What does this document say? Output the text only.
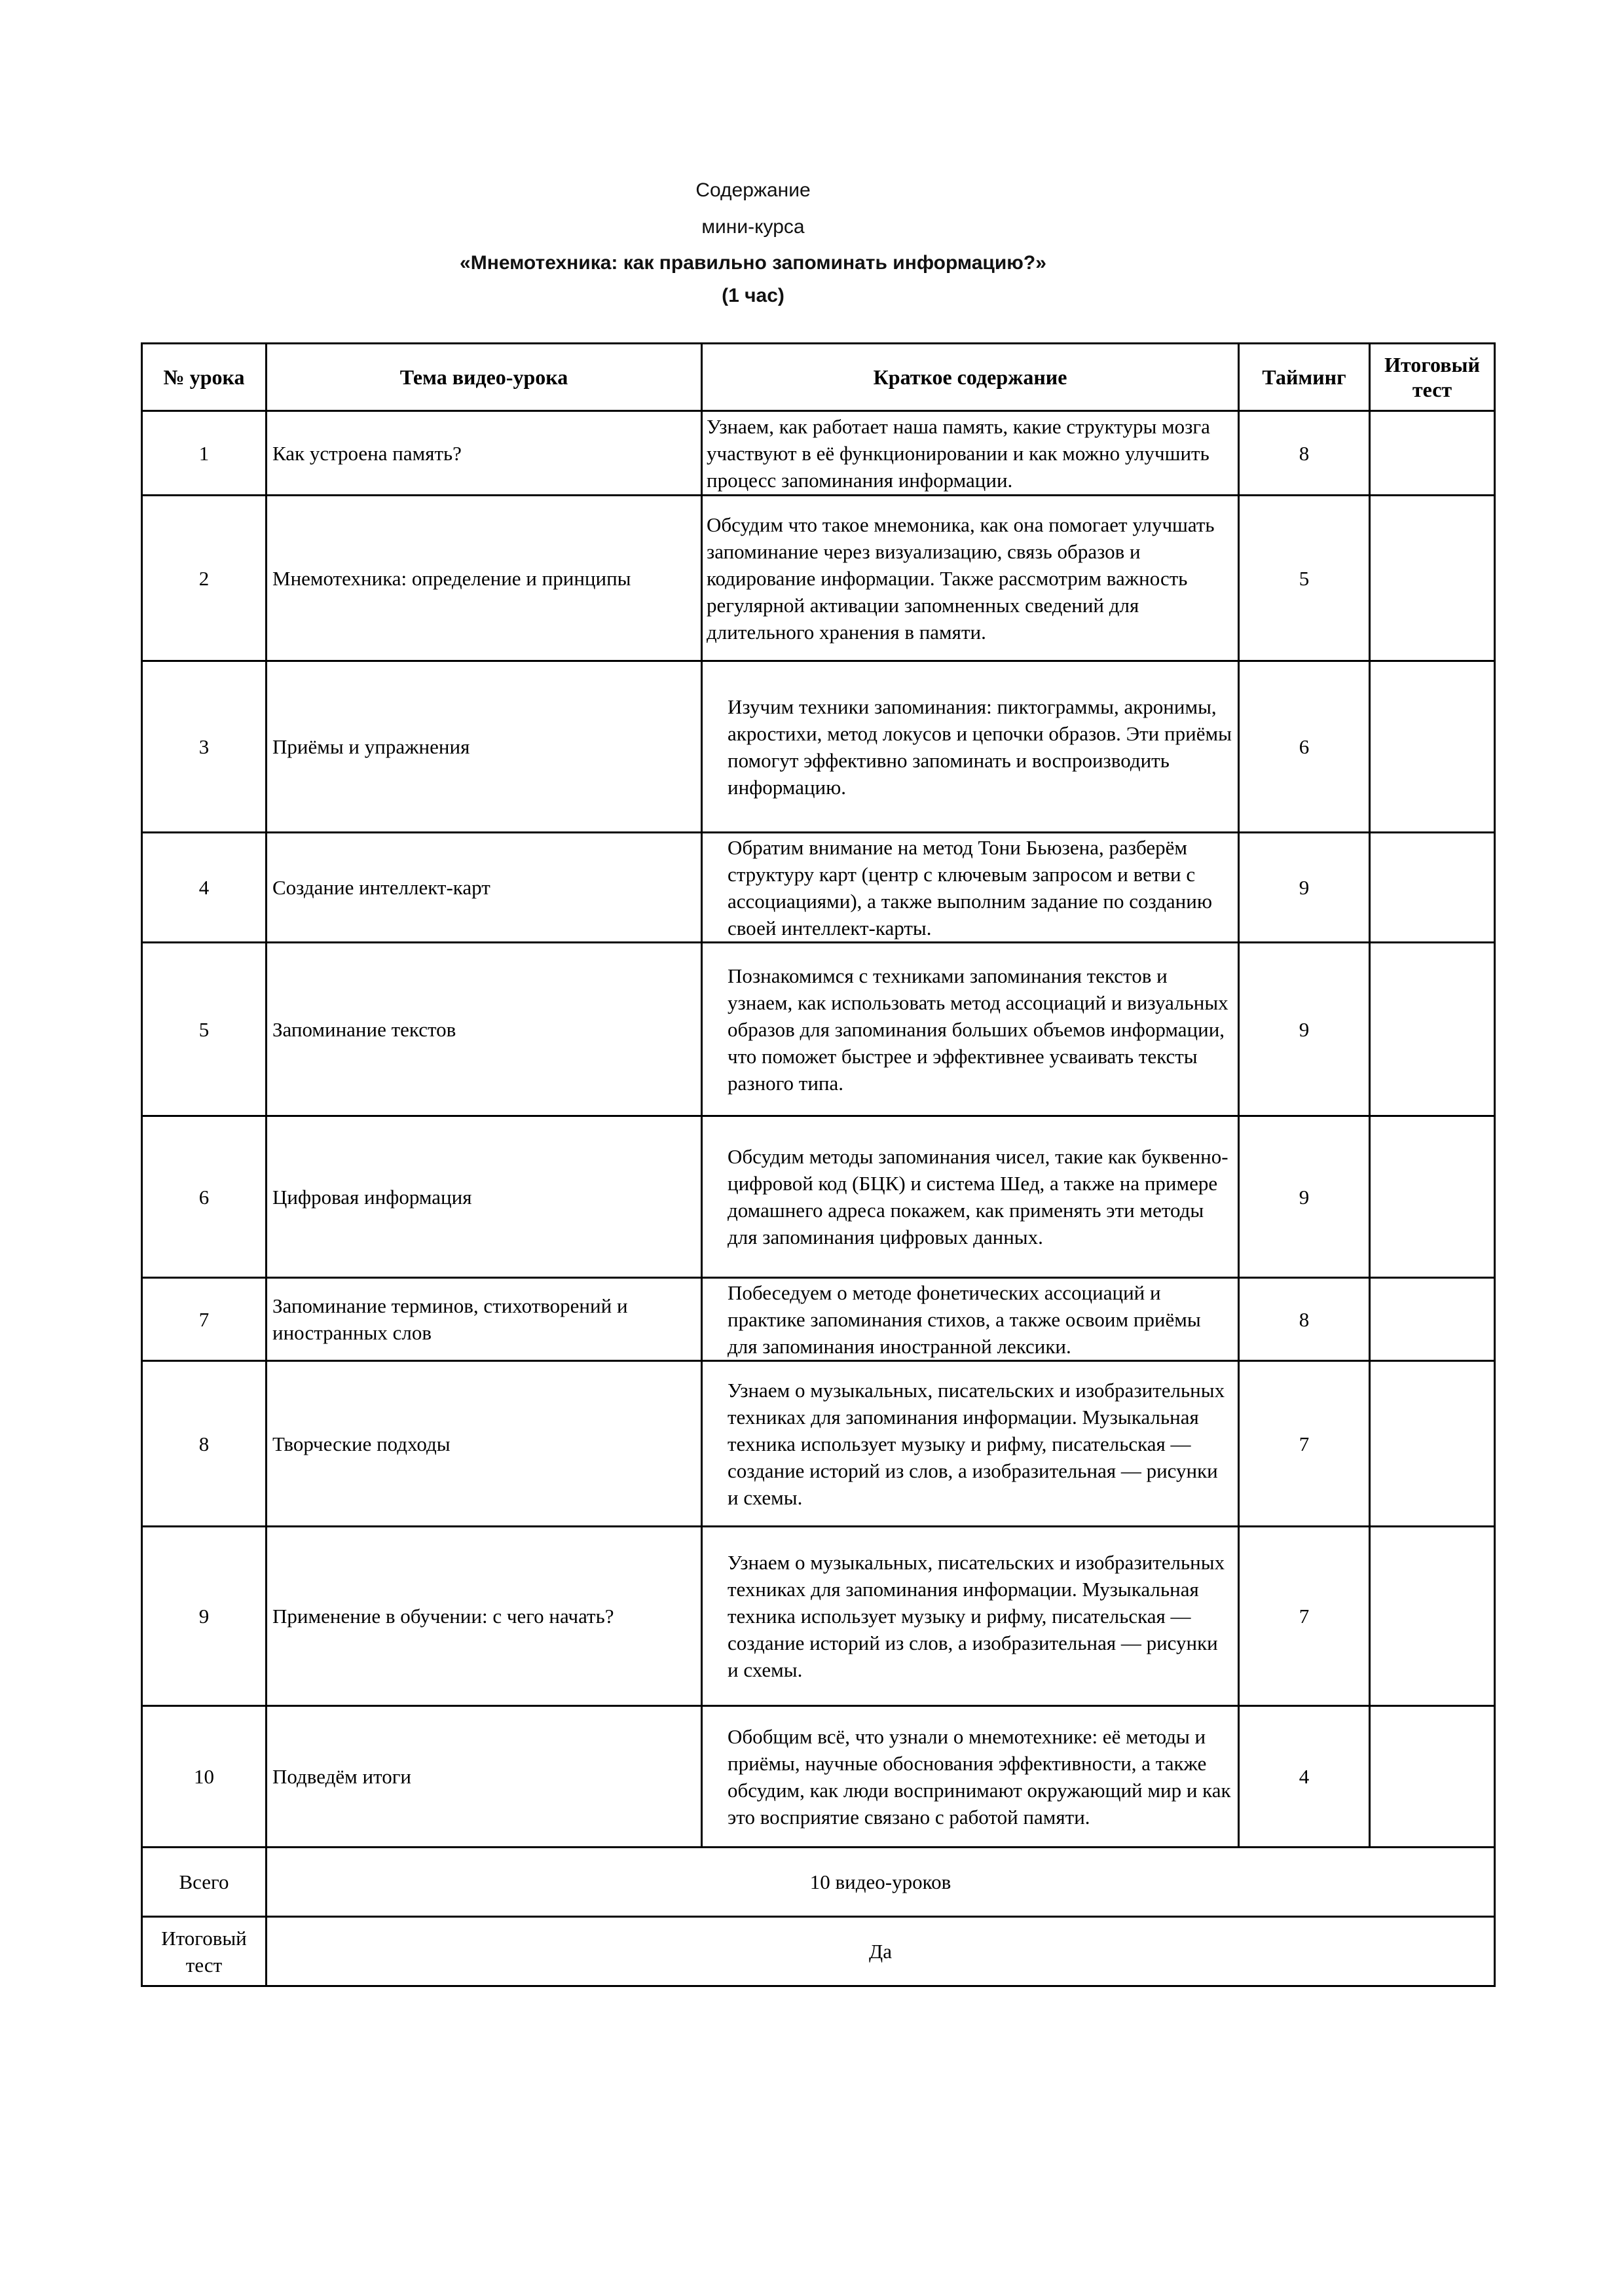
Содержание
мини-курса
«Мнемотехника: как правильно запоминать информацию?»
(1 час)
№ урока	Тема видео-урока	Краткое содержание	Тайминг	Итоговый тест
1	Как устроена память?	Узнаем, как работает наша память, какие структуры мозга участвуют в её функционировании и как можно улучшить процесс запоминания информации.	8	
2	Мнемотехника: определение и принципы	Обсудим что такое мнемоника, как она помогает улучшать запоминание через визуализацию, связь образов и кодирование информации. Также рассмотрим важность регулярной активации запомненных сведений для длительного хранения в памяти.	5	
3	Приёмы и упражнения	Изучим техники запоминания: пиктограммы, акронимы, акростихи, метод локусов и цепочки образов. Эти приёмы помогут эффективно запоминать и воспроизводить информацию.	6	
4	Создание интеллект-карт	Обратим внимание на метод Тони Бьюзена, разберём структуру карт (центр с ключевым запросом и ветви с ассоциациями), а также выполним задание по созданию своей интеллект-карты.	9	
5	Запоминание текстов	Познакомимся с техниками запоминания текстов и узнаем, как использовать метод ассоциаций и визуальных образов для запоминания больших объемов информации, что поможет быстрее и эффективнее усваивать тексты разного типа.	9	
6	Цифровая информация	Обсудим методы запоминания чисел, такие как буквенно-цифровой код (БЦК) и система Шед, а также на примере домашнего адреса покажем, как применять эти методы для запоминания цифровых данных.	9	
7	Запоминание терминов, стихотворений и иностранных слов	Побеседуем о методе фонетических ассоциаций и практике запоминания стихов, а также освоим приёмы для запоминания иностранной лексики.	8	
8	Творческие подходы	Узнаем о музыкальных, писательских и изобразительных техниках для запоминания информации. Музыкальная техника использует музыку и рифму, писательская — создание историй из слов, а изобразительная — рисунки и схемы.	7	
9	Применение в обучении: с чего начать?	Узнаем о музыкальных, писательских и изобразительных техниках для запоминания информации. Музыкальная техника использует музыку и рифму, писательская — создание историй из слов, а изобразительная — рисунки и схемы.	7	
10	Подведём итоги	Обобщим всё, что узнали о мнемотехнике: её методы и приёмы, научные обоснования эффективности, а также обсудим, как люди воспринимают окружающий мир и как это восприятие связано с работой памяти.	4	
Всего	10 видео-уроков			
Итоговый тест	Да			
